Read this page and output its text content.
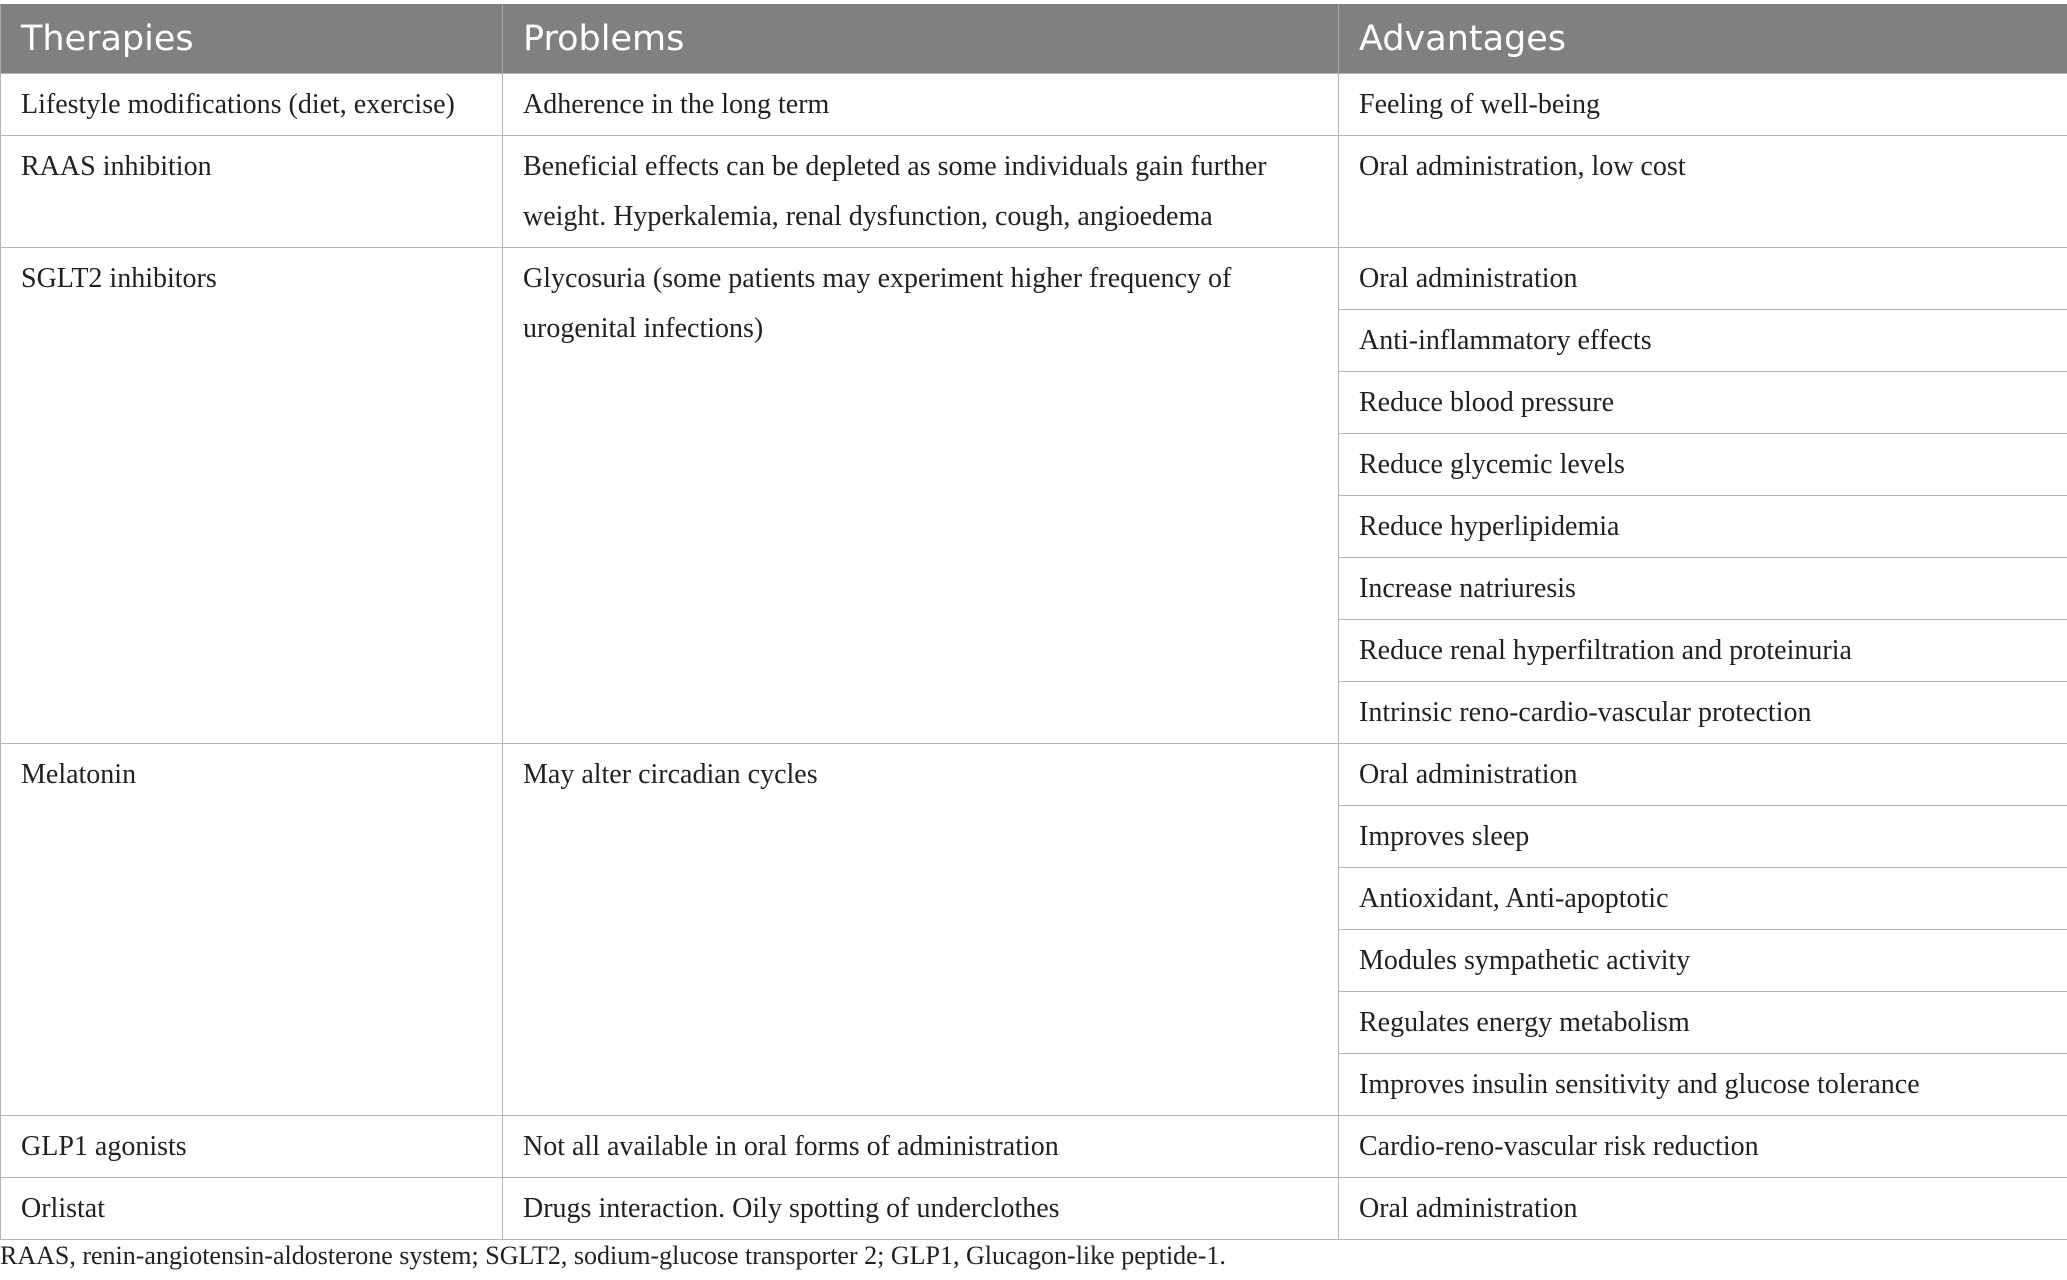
Therapies	Problems	Advantages
Lifestyle modifications (diet, exercise)	Adherence in the long term	Feeling of well-being
RAAS inhibition	Beneficial effects can be depleted as some individuals gain further weight. Hyperkalemia, renal dysfunction, cough, angioedema	Oral administration, low cost
SGLT2 inhibitors	Glycosuria (some patients may experiment higher frequency of urogenital infections)	Oral administration
		Anti-inflammatory effects
		Reduce blood pressure
		Reduce glycemic levels
		Reduce hyperlipidemia
		Increase natriuresis
		Reduce renal hyperfiltration and proteinuria
		Intrinsic reno-cardio-vascular protection
Melatonin	May alter circadian cycles	Oral administration
		Improves sleep
		Antioxidant, Anti-apoptotic
		Modules sympathetic activity
		Regulates energy metabolism
		Improves insulin sensitivity and glucose tolerance
GLP1 agonists	Not all available in oral forms of administration	Cardio-reno-vascular risk reduction
Orlistat	Drugs interaction. Oily spotting of underclothes	Oral administration
RAAS, renin-angiotensin-aldosterone system; SGLT2, sodium-glucose transporter 2; GLP1, Glucagon-like peptide-1.
